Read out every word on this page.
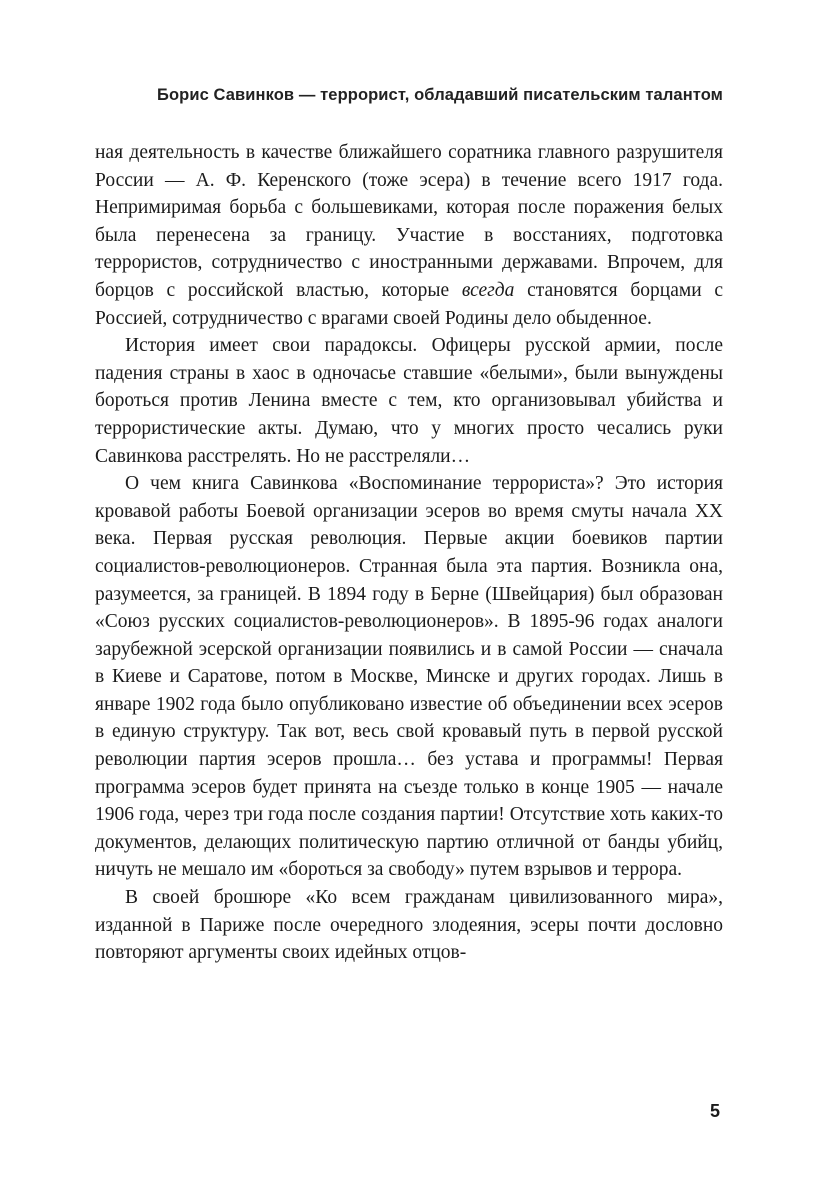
Борис Савинков — террорист, обладавший писательским талантом

ная деятельность в качестве ближайшего соратника главного разрушителя России — А. Ф. Керенского (тоже эсера) в течение всего 1917 года. Непримиримая борьба с большевиками, которая после поражения белых была перенесена за границу. Участие в восстаниях, подготовка террористов, сотрудничество с иностранными державами. Впрочем, для борцов с российской властью, которые всегда становятся борцами с Россией, сотрудничество с врагами своей Родины дело обыденное.

История имеет свои парадоксы. Офицеры русской армии, после падения страны в хаос в одночасье ставшие «белыми», были вынуждены бороться против Ленина вместе с тем, кто организовывал убийства и террористические акты. Думаю, что у многих просто чесались руки Савинкова расстрелять. Но не расстреляли…

О чем книга Савинкова «Воспоминание террориста»? Это история кровавой работы Боевой организации эсеров во время смуты начала XX века. Первая русская революция. Первые акции боевиков партии социалистов-революционеров. Странная была эта партия. Возникла она, разумеется, за границей. В 1894 году в Берне (Швейцария) был образован «Союз русских социалистов-революционеров». В 1895-96 годах аналоги зарубежной эсерской организации появились и в самой России — сначала в Киеве и Саратове, потом в Москве, Минске и других городах. Лишь в январе 1902 года было опубликовано известие об объединении всех эсеров в единую структуру. Так вот, весь свой кровавый путь в первой русской революции партия эсеров прошла… без устава и программы! Первая программа эсеров будет принята на съезде только в конце 1905 — начале 1906 года, через три года после создания партии! Отсутствие хоть каких-то документов, делающих политическую партию отличной от банды убийц, ничуть не мешало им «бороться за свободу» путем взрывов и террора.

В своей брошюре «Ко всем гражданам цивилизованного мира», изданной в Париже после очередного злодеяния, эсеры почти дословно повторяют аргументы своих идейных отцов-

5
